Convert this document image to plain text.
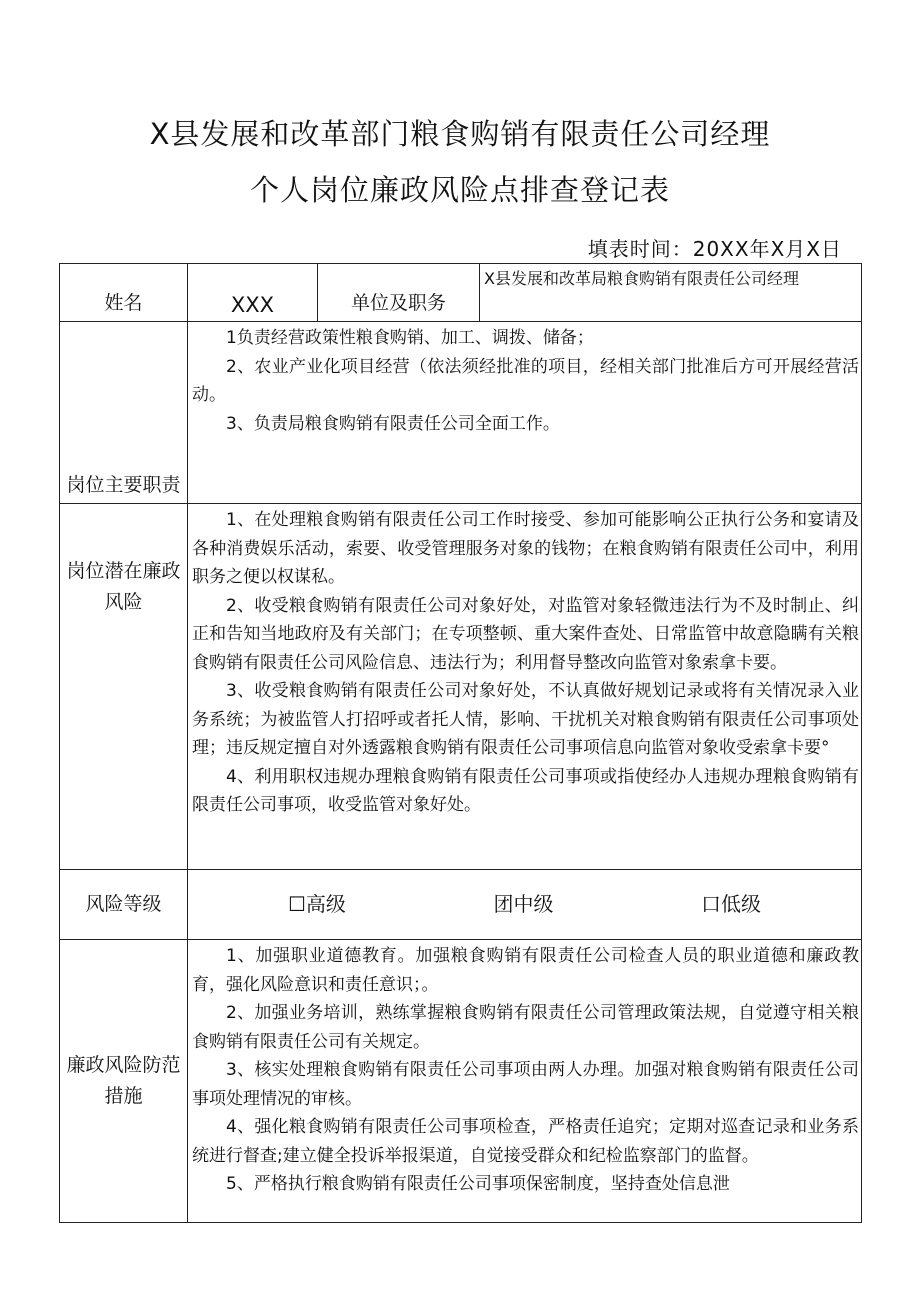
X县发展和改革部门粮食购销有限责任公司经理
个人岗位廉政风险点排查登记表
填表时间：20XX年X月X日
姓名	XXX	单位及职务	X县发展和改革局粮食购销有限责任公司经理
岗位主要职责	1负责经营政策性粮食购销、加工、调拨、储备；

2、农业产业化项目经营（依法须经批准的项目，经相关部门批准后方可开展经营活动。

3、负责局粮食购销有限责任公司全面工作。		

岗位潜在廉政风险	1、在处理粮食购销有限责任公司工作时接受、参加可能影响公正执行公务和宴请及各种消费娱乐活动，索要、收受管理服务对象的钱物；在粮食购销有限责任公司中，利用职务之便以权谋私。

2、收受粮食购销有限责任公司对象好处，对监管对象轻微违法行为不及时制止、纠正和告知当地政府及有关部门；在专项整顿、重大案件查处、日常监管中故意隐瞒有关粮食购销有限责任公司风险信息、违法行为；利用督导整改向监管对象索拿卡要。

3、收受粮食购销有限责任公司对象好处，不认真做好规划记录或将有关情况录入业务系统；为被监管人打招呼或者托人情，影响、干扰机关对粮食购销有限责任公司事项处理；违反规定擅自对外透露粮食购销有限责任公司事项信息向监管对象收受索拿卡要°

4、利用职权违规办理粮食购销有限责任公司事项或指使经办人违规办理粮食购销有限责任公司事项，收受监管对象好处。		

风险等级	☐高级 团中级 口低级		

廉政风险防范措施	1、加强职业道德教育。加强粮食购销有限责任公司检查人员的职业道德和廉政教育，强化风险意识和责任意识；。

2、加强业务培训，熟练掌握粮食购销有限责任公司管理政策法规，自觉遵守相关粮食购销有限责任公司有关规定。

3、核实处理粮食购销有限责任公司事项由两人办理。加强对粮食购销有限责任公司事项处理情况的审核。

4、强化粮食购销有限责任公司事项检查，严格责任追究；定期对巡查记录和业务系统进行督查;建立健全投诉举报渠道，自觉接受群众和纪检监察部门的监督。

5、严格执行粮食购销有限责任公司事项保密制度，坚持查处信息泄		
